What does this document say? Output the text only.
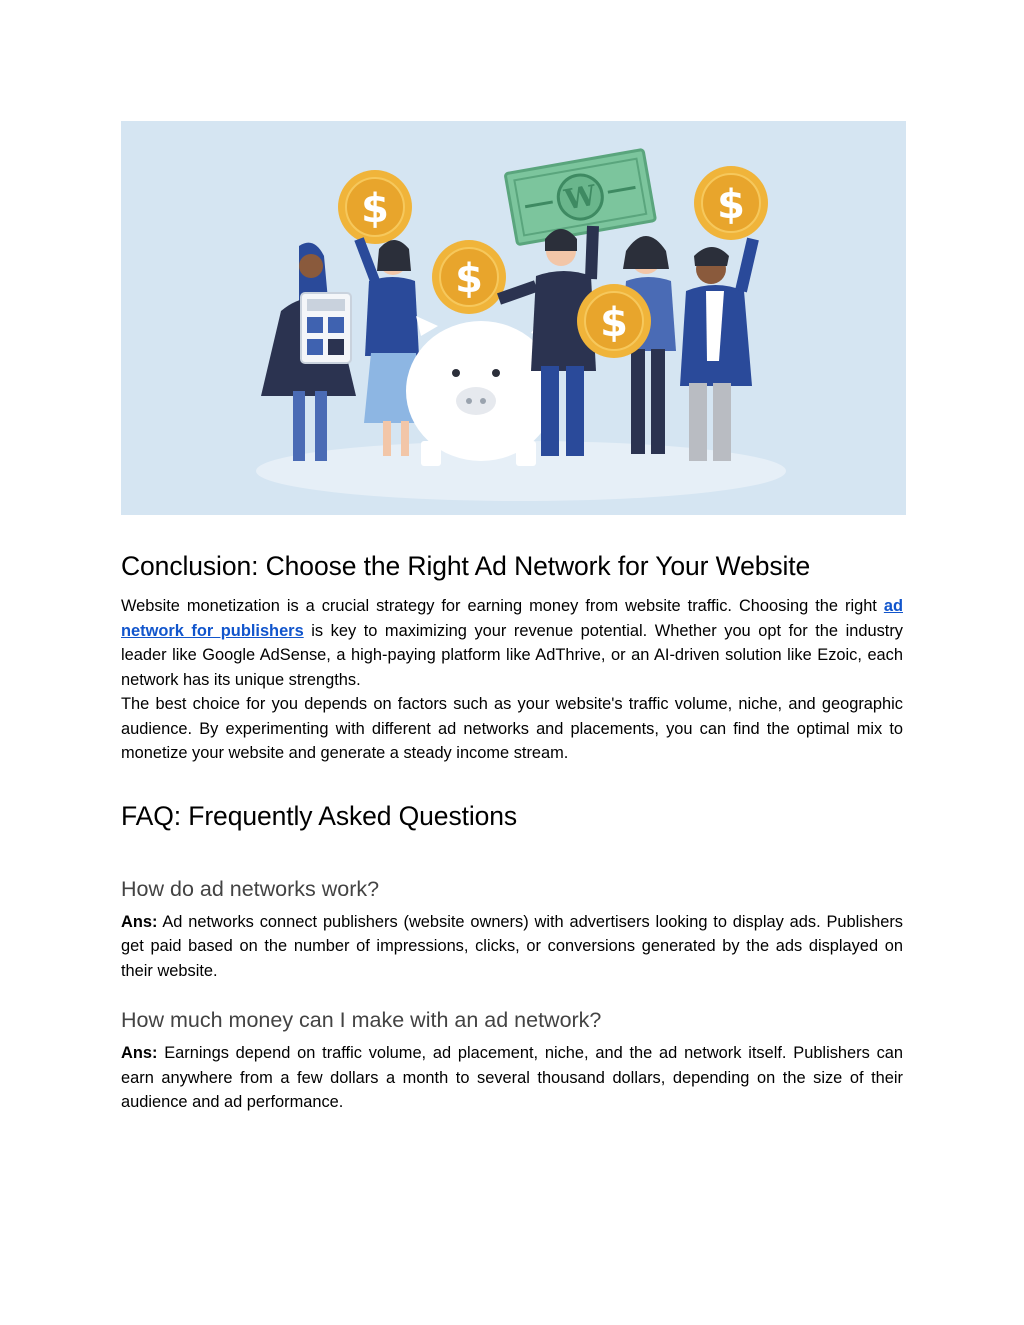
W
$
$
$
$
Conclusion: Choose the Right Ad Network for Your Website

Website monetization is a crucial strategy for earning money from website traffic. Choosing the right ad network for publishers is key to maximizing your revenue potential. Whether you opt for the industry leader like Google AdSense, a high-paying platform like AdThrive, or an AI-driven solution like Ezoic, each network has its unique strengths.

The best choice for you depends on factors such as your website's traffic volume, niche, and geographic audience. By experimenting with different ad networks and placements, you can find the optimal mix to monetize your website and generate a steady income stream.

FAQ: Frequently Asked Questions
How do ad networks work?

Ans: Ad networks connect publishers (website owners) with advertisers looking to display ads. Publishers get paid based on the number of impressions, clicks, or conversions generated by the ads displayed on their website.

How much money can I make with an ad network?

Ans: Earnings depend on traffic volume, ad placement, niche, and the ad network itself. Publishers can earn anywhere from a few dollars a month to several thousand dollars, depending on the size of their audience and ad performance.
